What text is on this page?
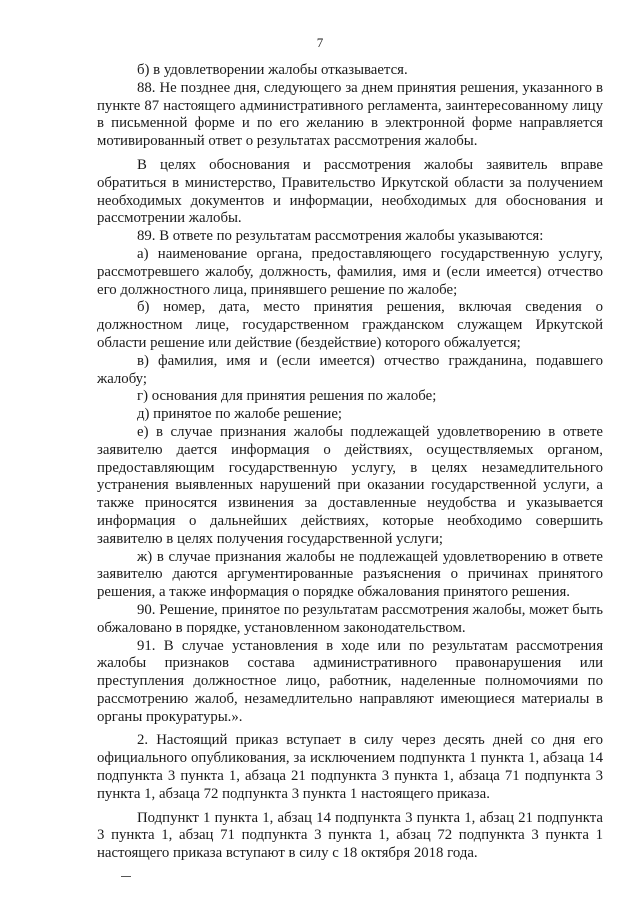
7

б) в удовлетворении жалобы отказывается.

88. Не позднее дня, следующего за днем принятия решения, указанного в пункте 87 настоящего административного регламента, заинтересованному лицу в письменной форме и по его желанию в электронной форме направляется мотивированный ответ о результатах рассмотрения жалобы.

В целях обоснования и рассмотрения жалобы заявитель вправе обратиться в министерство, Правительство Иркутской области за получением необходимых документов и информации, необходимых для обоснования и рассмотрении жалобы.

89. В ответе по результатам рассмотрения жалобы указываются:

а) наименование органа, предоставляющего государственную услугу, рассмотревшего жалобу, должность, фамилия, имя и (если имеется) отчество его должностного лица, принявшего решение по жалобе;

б) номер, дата, место принятия решения, включая сведения о должностном лице, государственном гражданском служащем Иркутской области решение или действие (бездействие) которого обжалуется;

в) фамилия, имя и (если имеется) отчество гражданина, подавшего жалобу;

г) основания для принятия решения по жалобе;

д) принятое по жалобе решение;

е) в случае признания жалобы подлежащей удовлетворению в ответе заявителю дается информация о действиях, осуществляемых органом, предоставляющим государственную услугу, в целях незамедлительного устранения выявленных нарушений при оказании государственной услуги, а также приносятся извинения за доставленные неудобства и указывается информация о дальнейших действиях, которые необходимо совершить заявителю в целях получения государственной услуги;

ж) в случае признания жалобы не подлежащей удовлетворению в ответе заявителю даются аргументированные разъяснения о причинах принятого решения, а также информация о порядке обжалования принятого решения.

90. Решение, принятое по результатам рассмотрения жалобы, может быть обжаловано в порядке, установленном законодательством.

91. В случае установления в ходе или по результатам рассмотрения жалобы признаков состава административного правонарушения или преступления должностное лицо, работник, наделенные полномочиями по рассмотрению жалоб, незамедлительно направляют имеющиеся материалы в органы прокуратуры.».

2. Настоящий приказ вступает в силу через десять дней со дня его официального опубликования, за исключением подпункта 1 пункта 1, абзаца 14 подпункта 3 пункта 1, абзаца 21 подпункта 3 пункта 1, абзаца 71 подпункта 3 пункта 1, абзаца 72 подпункта 3 пункта 1 настоящего приказа.

Подпункт 1 пункта 1, абзац 14 подпункта 3 пункта 1, абзац 21 подпункта 3 пункта 1, абзац 71 подпункта 3 пункта 1, абзац 72 подпункта 3 пункта 1 настоящего приказа вступают в силу с 18 октября 2018 года.
